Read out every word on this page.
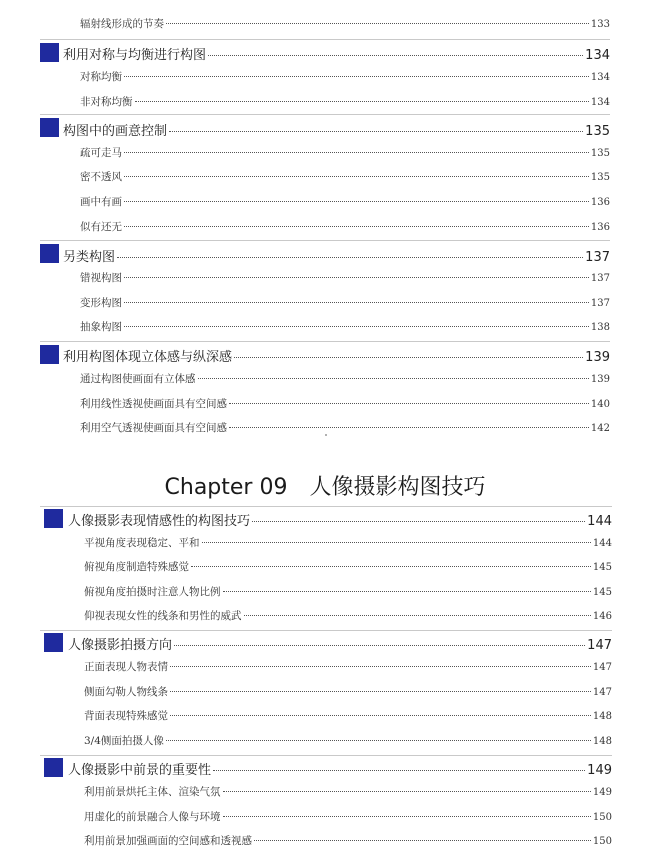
辐射线形成的节奏	133
利用对称与均衡进行构图	134
对称均衡	134
非对称均衡	134
构图中的画意控制	135
疏可走马	135
密不透风	135
画中有画	136
似有还无	136
另类构图	137
错视构图	137
变形构图	137
抽象构图	138
利用构图体现立体感与纵深感	139
通过构图使画面有立体感	139
利用线性透视使画面具有空间感	140
利用空气透视使画面具有空间感	142
Chapter 09 人像摄影构图技巧
人像摄影表现情感性的构图技巧	144
平视角度表现稳定、平和	144
俯视角度制造特殊感觉	145
俯视角度拍摄时注意人物比例	145
仰视表现女性的线条和男性的威武	146
人像摄影拍摄方向	147
正面表现人物表情	147
侧面勾勒人物线条	147
背面表现特殊感觉	148
3/4侧面拍摄人像	148
人像摄影中前景的重要性	149
利用前景烘托主体、渲染气氛	149
用虚化的前景融合人像与环境	150
利用前景加强画面的空间感和透视感	150
